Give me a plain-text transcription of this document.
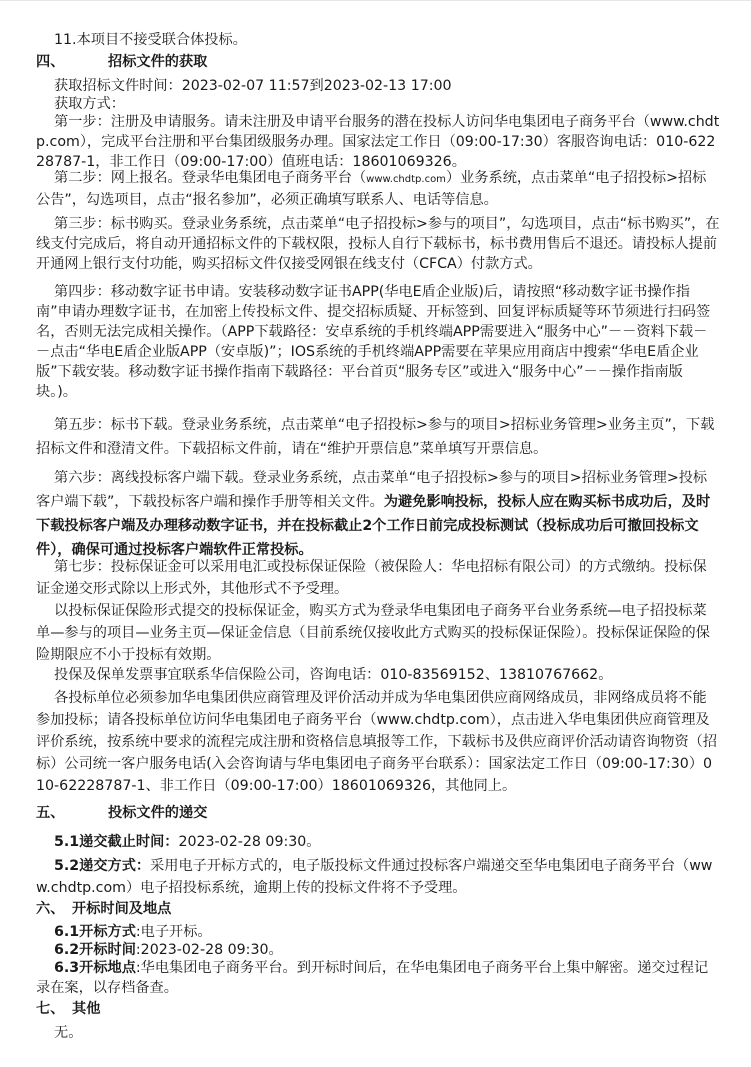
11.本项目不接受联合体投标。

四、	招标文件的获取

获取招标文件时间：2023-02-07 11:57到2023-02-13 17:00

获取方式：

第一步：注册及申请服务。请未注册及申请平台服务的潜在投标人访问华电集团电子商务平台（www.chdtp.com），完成平台注册和平台集团级服务办理。国家法定工作日（09:00-17:30）客服咨询电话：010-62228787-1，非工作日（09:00-17:00）值班电话：18601069326。

第二步：网上报名。登录华电集团电子商务平台（www.chdtp.com）业务系统，点击菜单“电子招投标>招标公告”，勾选项目，点击“报名参加”，必须正确填写联系人、电话等信息。

第三步：标书购买。登录业务系统，点击菜单“电子招投标>参与的项目”，勾选项目，点击“标书购买”，在线支付完成后，将自动开通招标文件的下载权限，投标人自行下载标书，标书费用售后不退还。请投标人提前开通网上银行支付功能，购买招标文件仅接受网银在线支付（CFCA）付款方式。

第四步：移动数字证书申请。安装移动数字证书APP(华电E盾企业版)后，请按照“移动数字证书操作指南”申请办理数字证书，在加密上传投标文件、提交招标质疑、开标签到、回复评标质疑等环节须进行扫码签名，否则无法完成相关操作。（APP下载路径：安卓系统的手机终端APP需要进入“服务中心”－－资料下载－－点击“华电E盾企业版APP（安卓版)”；IOS系统的手机终端APP需要在苹果应用商店中搜索“华电E盾企业版”下载安装。移动数字证书操作指南下载路径：平台首页“服务专区”或进入“服务中心”－－操作指南版块。)。

第五步：标书下载。登录业务系统，点击菜单“电子招投标>参与的项目>招标业务管理>业务主页”，下载招标文件和澄清文件。下载招标文件前，请在“维护开票信息”菜单填写开票信息。

第六步：离线投标客户端下载。登录业务系统，点击菜单“电子招投标>参与的项目>招标业务管理>投标客户端下载”，下载投标客户端和操作手册等相关文件。为避免影响投标，投标人应在购买标书成功后，及时下载投标客户端及办理移动数字证书，并在投标截止2个工作日前完成投标测试（投标成功后可撤回投标文件），确保可通过投标客户端软件正常投标。

第七步：投标保证金可以采用电汇或投标保证保险（被保险人：华电招标有限公司）的方式缴纳。投标保证金递交形式除以上形式外，其他形式不予受理。

以投标保证保险形式提交的投标保证金，购买方式为登录华电集团电子商务平台业务系统—电子招投标菜单—参与的项目—业务主页—保证金信息（目前系统仅接收此方式购买的投标保证保险）。投标保证保险的保险期限应不小于投标有效期。

投保及保单发票事宜联系华信保险公司，咨询电话：010-83569152、13810767662。

各投标单位必须参加华电集团供应商管理及评价活动并成为华电集团供应商网络成员，非网络成员将不能参加投标；请各投标单位访问华电集团电子商务平台（www.chdtp.com），点击进入华电集团供应商管理及评价系统，按系统中要求的流程完成注册和资格信息填报等工作，下载标书及供应商评价活动请咨询物资（招标）公司统一客户服务电话(入会咨询请与华电集团电子商务平台联系）：国家法定工作日（09:00-17:30）010-62228787-1、非工作日（09:00-17:00）18601069326，其他同上。

五、	投标文件的递交

5.1递交截止时间：2023-02-28 09:30。

5.2递交方式：采用电子开标方式的，电子版投标文件通过投标客户端递交至华电集团电子商务平台（www.chdtp.com）电子招投标系统，逾期上传的投标文件将不予受理。

六、 开标时间及地点

6.1开标方式:电子开标。

6.2开标时间:2023-02-28 09:30。

6.3开标地点:华电集团电子商务平台。到开标时间后，在华电集团电子商务平台上集中解密。递交过程记录在案，以存档备查。

七、 其他

无。
